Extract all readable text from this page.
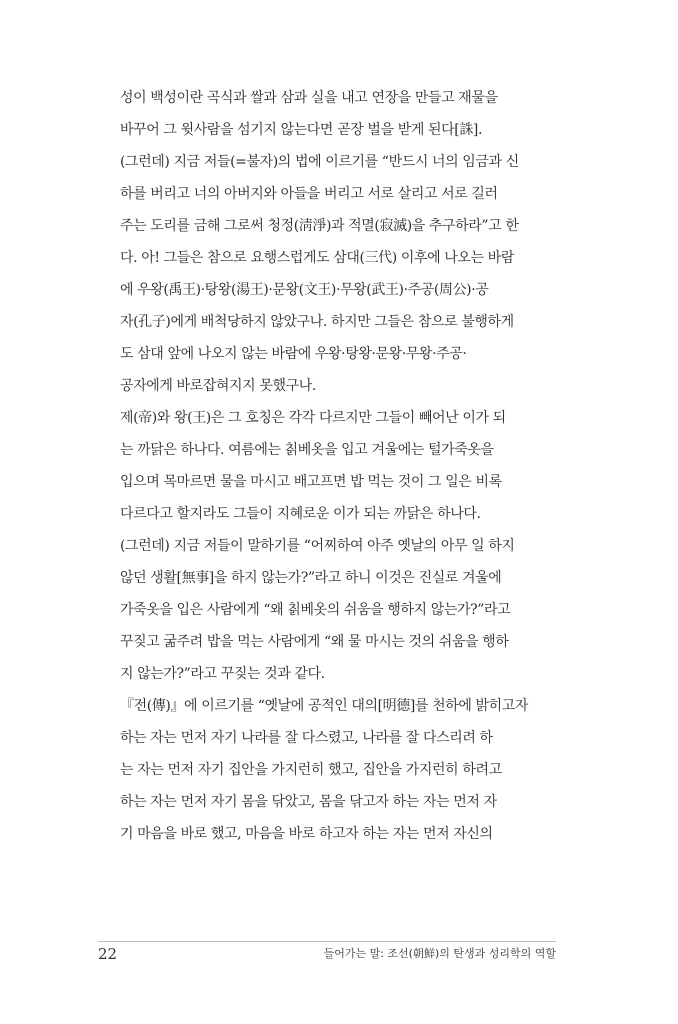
성이 백성이란 곡식과 쌀과 삼과 실을 내고 연장을 만들고 재물을
바꾸어 그 윗사람을 섬기지 않는다면 곧장 벌을 받게 된다[誅].
(그런데) 지금 저들(=불자)의 법에 이르기를 “반드시 너의 임금과 신
하를 버리고 너의 아버지와 아들을 버리고 서로 살리고 서로 길러
주는 도리를 금해 그로써 청정(淸淨)과 적멸(寂滅)을 추구하라”고 한
다. 아! 그들은 참으로 요행스럽게도 삼대(三代) 이후에 나오는 바람
에 우왕(禹王)·탕왕(湯王)·문왕(文王)·무왕(武王)·주공(周公)·공
자(孔子)에게 배척당하지 않았구나. 하지만 그들은 참으로 불행하게
도 삼대 앞에 나오지 않는 바람에 우왕·탕왕·문왕·무왕·주공·
공자에게 바로잡혀지지 못했구나.
제(帝)와 왕(王)은 그 호칭은 각각 다르지만 그들이 빼어난 이가 되
는 까닭은 하나다. 여름에는 칡베옷을 입고 겨울에는 털가죽옷을
입으며 목마르면 물을 마시고 배고프면 밥 먹는 것이 그 일은 비록
다르다고 할지라도 그들이 지혜로운 이가 되는 까닭은 하나다.
(그런데) 지금 저들이 말하기를 “어찌하여 아주 옛날의 아무 일 하지
않던 생활[無事]을 하지 않는가?”라고 하니 이것은 진실로 겨울에
가죽옷을 입은 사람에게 “왜 칡베옷의 쉬움을 행하지 않는가?”라고
꾸짖고 굶주려 밥을 먹는 사람에게 “왜 물 마시는 것의 쉬움을 행하
지 않는가?”라고 꾸짖는 것과 같다.
『전(傳)』에 이르기를 “옛날에 공적인 대의[明德]를 천하에 밝히고자
하는 자는 먼저 자기 나라를 잘 다스렸고, 나라를 잘 다스리려 하
는 자는 먼저 자기 집안을 가지런히 했고, 집안을 가지런히 하려고
하는 자는 먼저 자기 몸을 닦았고, 몸을 닦고자 하는 자는 먼저 자
기 마음을 바로 했고, 마음을 바로 하고자 하는 자는 먼저 자신의
22	들어가는 말: 조선(朝鮮)의 탄생과 성리학의 역할
